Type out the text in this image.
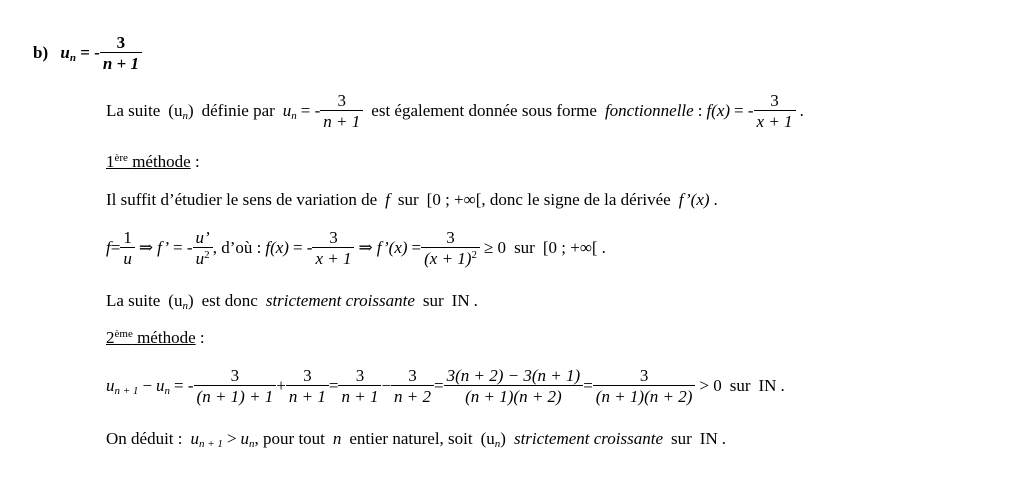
b) $u_n$ = - $\frac{3}{n + 1}$
La suite $(u_n)$ définie par $u_n$ = - $\frac{3}{n + 1}$ est également donnée sous forme fonctionnelle : f(x) = - $\frac{3}{x + 1}$ .
1ère méthode :
Il suffit d’étudier le sens de variation de f sur [0 ; +∞[, donc le signe de la dérivée f’(x) .
$f= \frac{1}{u}$ ⇒ f’ = - $\frac{u’}{u^2}$ , d’où : f(x) = - $\frac{3}{x + 1}$ ⇒ f’(x) = $\frac{3}{(x + 1)^2} \ge 0$ sur [0 ; +∞[ .
La suite $(u_n)$ est donc strictement croissante sur IN .
2ème méthode :
$u_{n + 1} - u_n$ = - $\frac{3}{(n + 1) + 1} + \frac{3}{n + 1} = \frac{3}{n + 1} - \frac{3}{n + 2} = \frac{3(n + 2) - 3(n + 1)}{(n + 1)(n + 2)} = \frac{3}{(n + 1)(n + 2)} > 0$ sur IN .
On déduit : $u_{n + 1} > u_n$, pour tout n entier naturel, soit $(u_n)$ strictement croissante sur IN .
